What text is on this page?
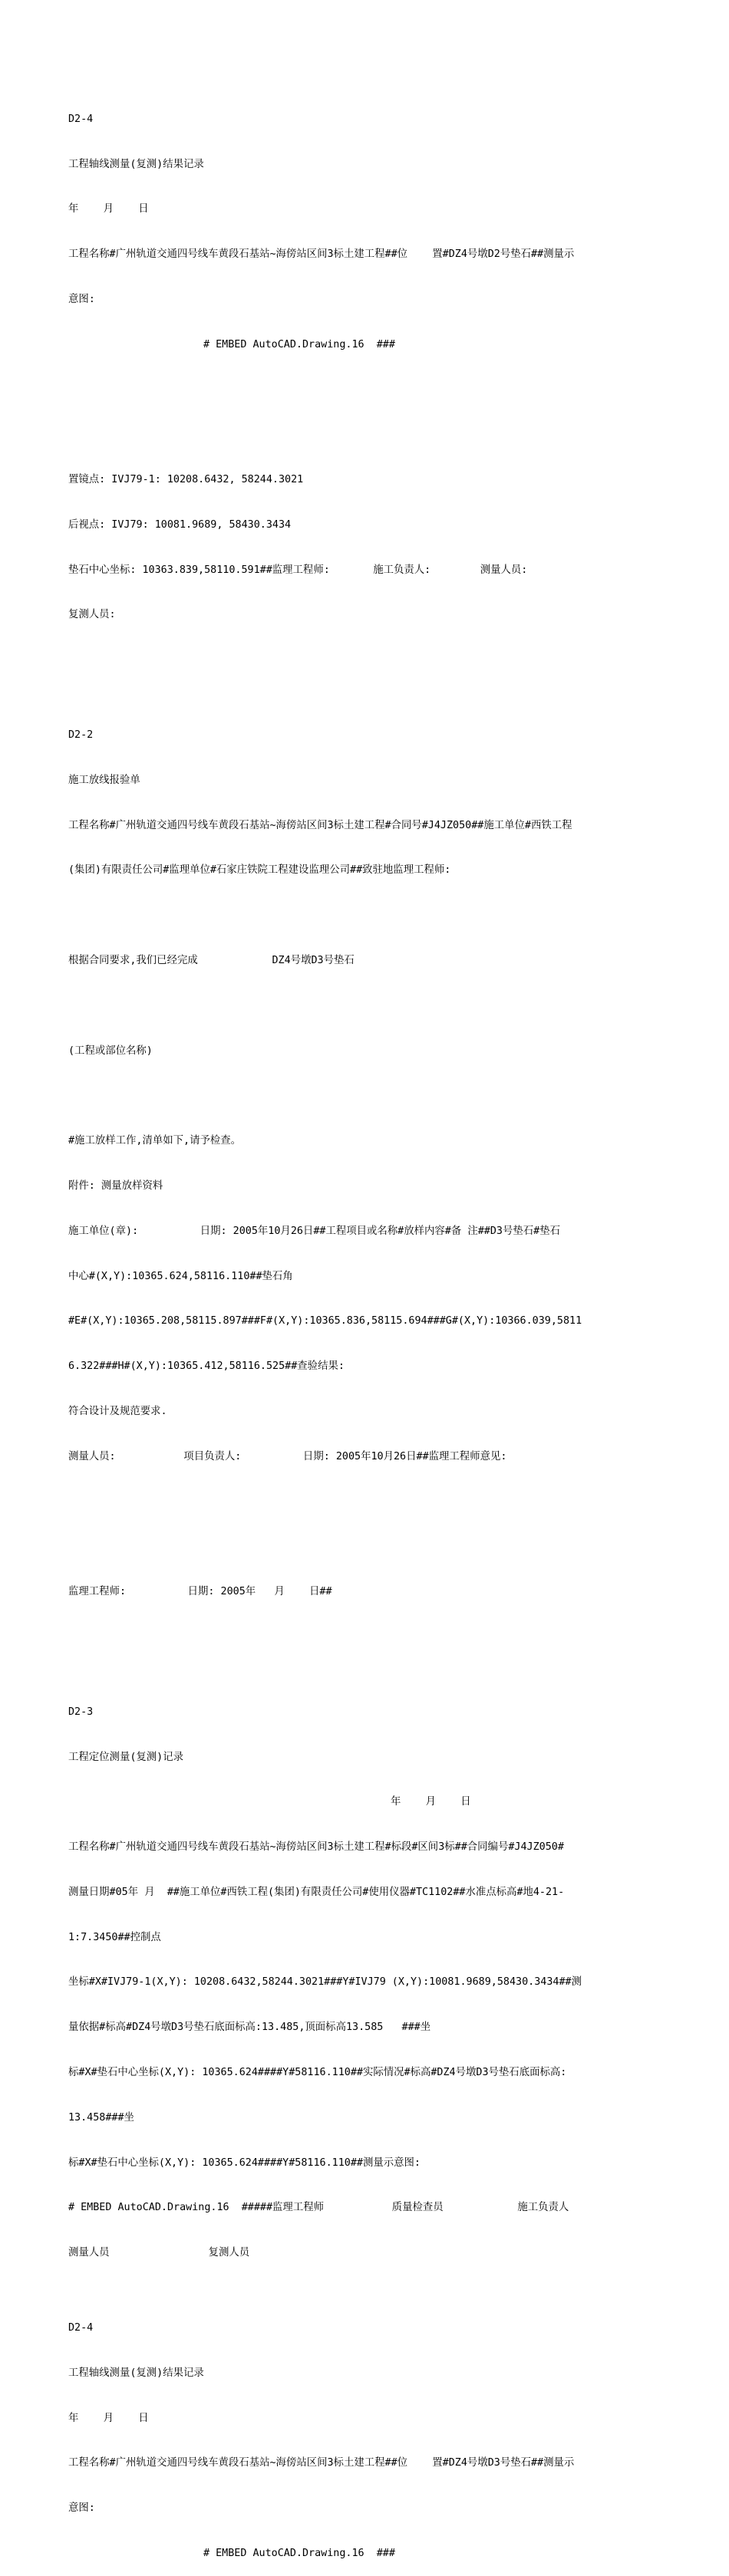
D2-4

工程轴线测量(复测)结果记录

年    月    日

工程名称#广州轨道交通四号线车黄段石基站~海傍站区间3标土建工程##位    置#DZ4号墩D2号垫石##测量示

意图:

# EMBED AutoCAD.Drawing.16  ###

置镜点: IVJ79-1: 10208.6432, 58244.3021

后视点: IVJ79: 10081.9689, 58430.3434

垫石中心坐标: 10363.839,58110.591##监理工程师:       施工负责人:        测量人员:

复测人员:

D2-2

施工放线报验单

工程名称#广州轨道交通四号线车黄段石基站~海傍站区间3标土建工程#合同号#J4JZ050##施工单位#西铁工程

(集团)有限责任公司#监理单位#石家庄铁院工程建设监理公司##致驻地监理工程师:

根据合同要求,我们已经完成            DZ4号墩D3号垫石

(工程或部位名称)

#施工放样工作,清单如下,请予检查。

附件: 测量放样资料

施工单位(章):          日期: 2005年10月26日##工程项目或名称#放样内容#备 注##D3号垫石#垫石

中心#(X,Y):10365.624,58116.110##垫石角

#E#(X,Y):10365.208,58115.897###F#(X,Y):10365.836,58115.694###G#(X,Y):10366.039,5811

6.322###H#(X,Y):10365.412,58116.525##查验结果:

符合设计及规范要求.

测量人员:           项目负责人:          日期: 2005年10月26日##监理工程师意见:

监理工程师:          日期: 2005年   月    日##

D2-3

工程定位测量(复测)记录

年    月    日

工程名称#广州轨道交通四号线车黄段石基站~海傍站区间3标土建工程#标段#区间3标##合同编号#J4JZ050#

测量日期#05年 月  ##施工单位#西铁工程(集团)有限责任公司#使用仪器#TC1102##水准点标高#地4-21-

1:7.3450##控制点

坐标#X#IVJ79-1(X,Y): 10208.6432,58244.3021###Y#IVJ79 (X,Y):10081.9689,58430.3434##测

量依据#标高#DZ4号墩D3号垫石底面标高:13.485,顶面标高13.585   ###坐

标#X#垫石中心坐标(X,Y): 10365.624####Y#58116.110##实际情况#标高#DZ4号墩D3号垫石底面标高:

13.458###坐

标#X#垫石中心坐标(X,Y): 10365.624####Y#58116.110##测量示意图:

# EMBED AutoCAD.Drawing.16  #####监理工程师           质量检查员            施工负责人

测量人员                复测人员

D2-4

工程轴线测量(复测)结果记录

年    月    日

工程名称#广州轨道交通四号线车黄段石基站~海傍站区间3标土建工程##位    置#DZ4号墩D3号垫石##测量示

意图:

# EMBED AutoCAD.Drawing.16  ###
